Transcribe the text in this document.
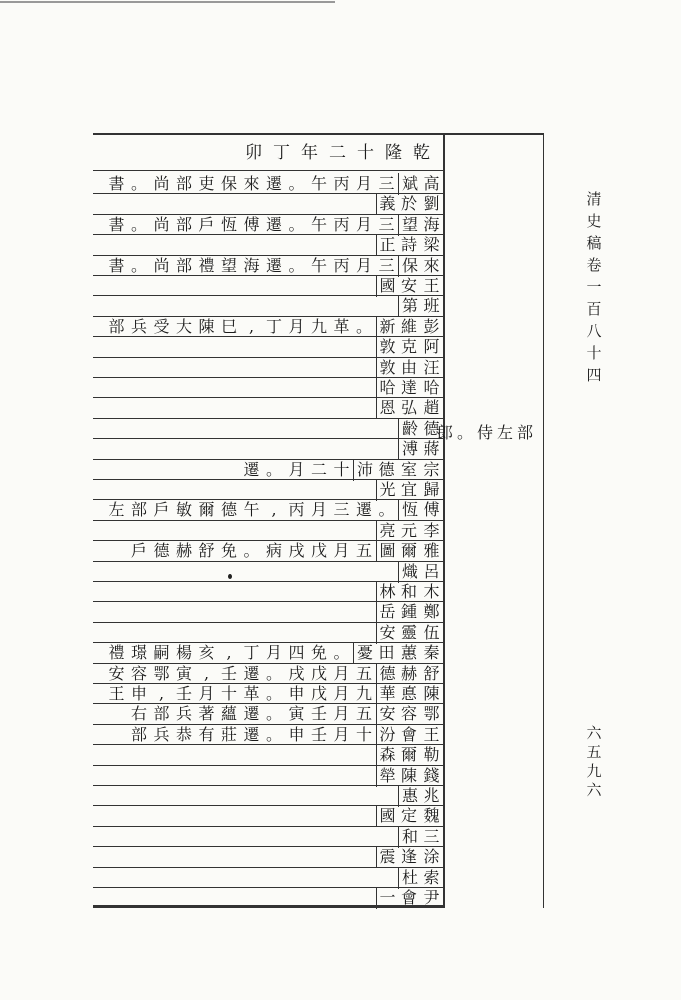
卯丁年二十隆乾
斌 高
書 。 尚 部 吏 保 來 遷 。 午 丙 月 三
義 於 劉
望 海
書 。 尚 部 戶 恆 傅 遷 。 午 丙 月 三
正 詩 梁
保 來
書 。 尚 部 禮 望 海 遷 。 午 丙 月 三
國 安 王
第 班
新 維 彭
部 兵 受 大 陳 巳 , 丁 月 九 革 。
敦 克 阿
敦 由 汪
哈 達 哈
恩 弘 趙
齡 德
溥 蔣
沛 德 室 宗
遷 。 月 二 十
光 宜 歸
恆 傅
左 部 戶 敏 爾 德 午 , 丙 月 三 遷 。
亮 元 李
圖 爾 雅
戶 德 赫 舒 免 。 病 戌 戊 月 五
熾 呂
林 和 木
岳 鍾 鄭
安 靈 伍
憂 田 蕙 秦
禮 璟 嗣 楊 亥 , 丁 月 四 免 。
德 赫 舒
安 容 鄂 寅 , 壬 遷 。 戌 戊 月 五
華 悳 陳
王 申 , 壬 月 十 革 。 申 戊 月 九
安 容 鄂
右 部 兵 著 蘊 遷 。 寅 壬 月 五
汾 會 王
部 兵 恭 有 莊 遷 。 申 壬 月 十
森 爾 勒
犖 陳 錢
惠 兆
國 定 魏
和 三
震 逢 涂
杜 索
一 會 尹
郎 。 侍 左 部
清
史
稿
卷
一
百
八
十
四
六
五
九
六
